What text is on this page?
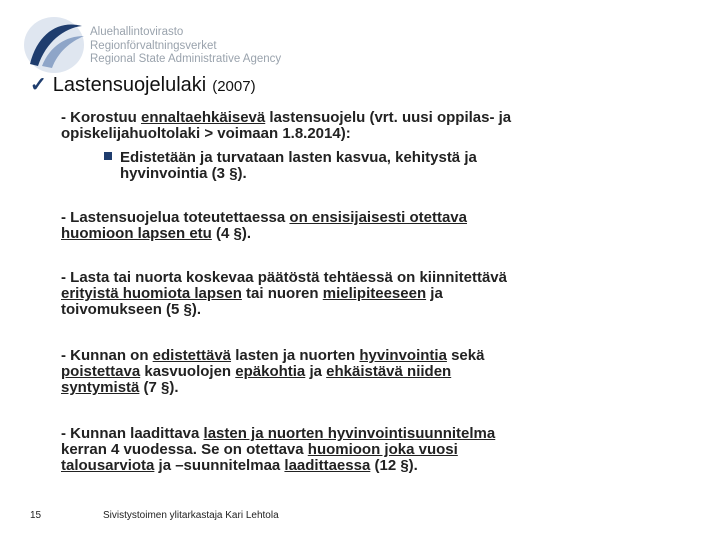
Aluehallintovirasto
Regionförvaltningsverket
Regional State Administrative Agency
✓ Lastensuojelulaki (2007)
- Korostuu ennaltaehkäisevä lastensuojelu (vrt. uusi oppilas- ja
opiskelijahuoltolaki > voimaan 1.8.2014):
Edistetään ja turvataan lasten kasvua, kehitystä ja
hyvinvointia (3 §).
- Lastensuojelua toteutettaessa on ensisijaisesti otettava
huomioon lapsen etu (4 §).
- Lasta tai nuorta koskevaa päätöstä tehtäessä on kiinnitettävä
erityistä huomiota lapsen tai nuoren mielipiteeseen ja
toivomukseen (5 §).
- Kunnan on edistettävä lasten ja nuorten hyvinvointia sekä
poistettava kasvuolojen epäkohtia ja ehkäistävä niiden
syntymistä (7 §).
- Kunnan laadittava lasten ja nuorten hyvinvointisuunnitelma
kerran 4 vuodessa. Se on otettava huomioon joka vuosi
talousarviota ja –suunnitelmaa laadittaessa (12 §).
15	Sivistystoimen ylitarkastaja Kari Lehtola
